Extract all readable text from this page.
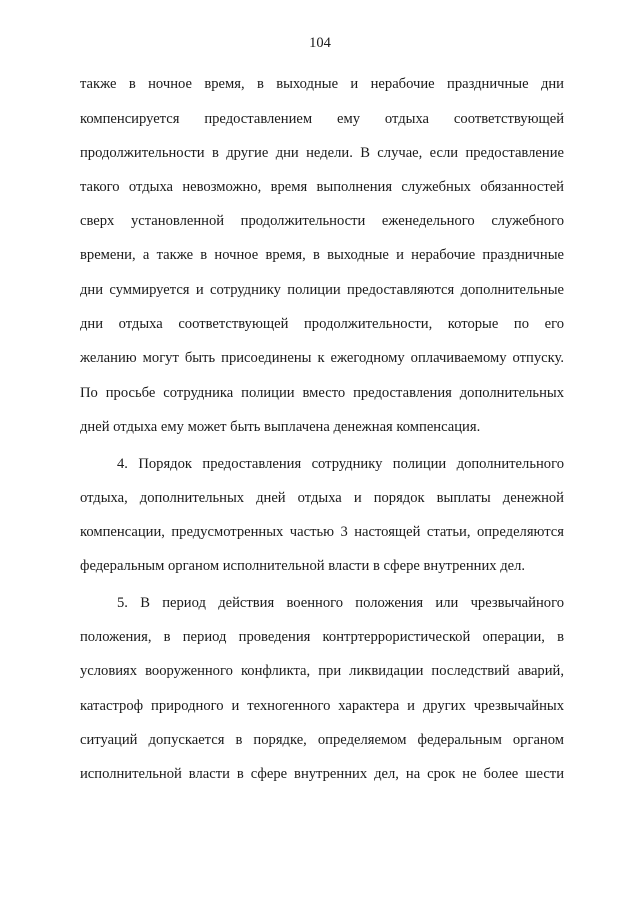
104
также в ночное время, в выходные и нерабочие праздничные дни
компенсируется предоставлением ему отдыха соответствующей
продолжительности в другие дни недели. В случае, если предоставление
такого отдыха невозможно, время выполнения служебных обязанностей
сверх установленной продолжительности еженедельного служебного
времени, а также в ночное время, в выходные и нерабочие праздничные
дни суммируется и сотруднику полиции предоставляются дополнительные
дни отдыха соответствующей продолжительности, которые по его
желанию могут быть присоединены к ежегодному оплачиваемому отпуску.
По просьбе сотрудника полиции вместо предоставления дополнительных
дней отдыха ему может быть выплачена денежная компенсация.
4. Порядок предоставления сотруднику полиции дополнительного
отдыха, дополнительных дней отдыха и порядок выплаты денежной
компенсации, предусмотренных частью 3 настоящей статьи, определяются
федеральным органом исполнительной власти в сфере внутренних дел.
5. В период действия военного положения или чрезвычайного
положения, в период проведения контртеррористической операции, в
условиях вооруженного конфликта, при ликвидации последствий аварий,
катастроф природного и техногенного характера и других чрезвычайных
ситуаций допускается в порядке, определяемом федеральным органом
исполнительной власти в сфере внутренних дел, на срок не более шести
